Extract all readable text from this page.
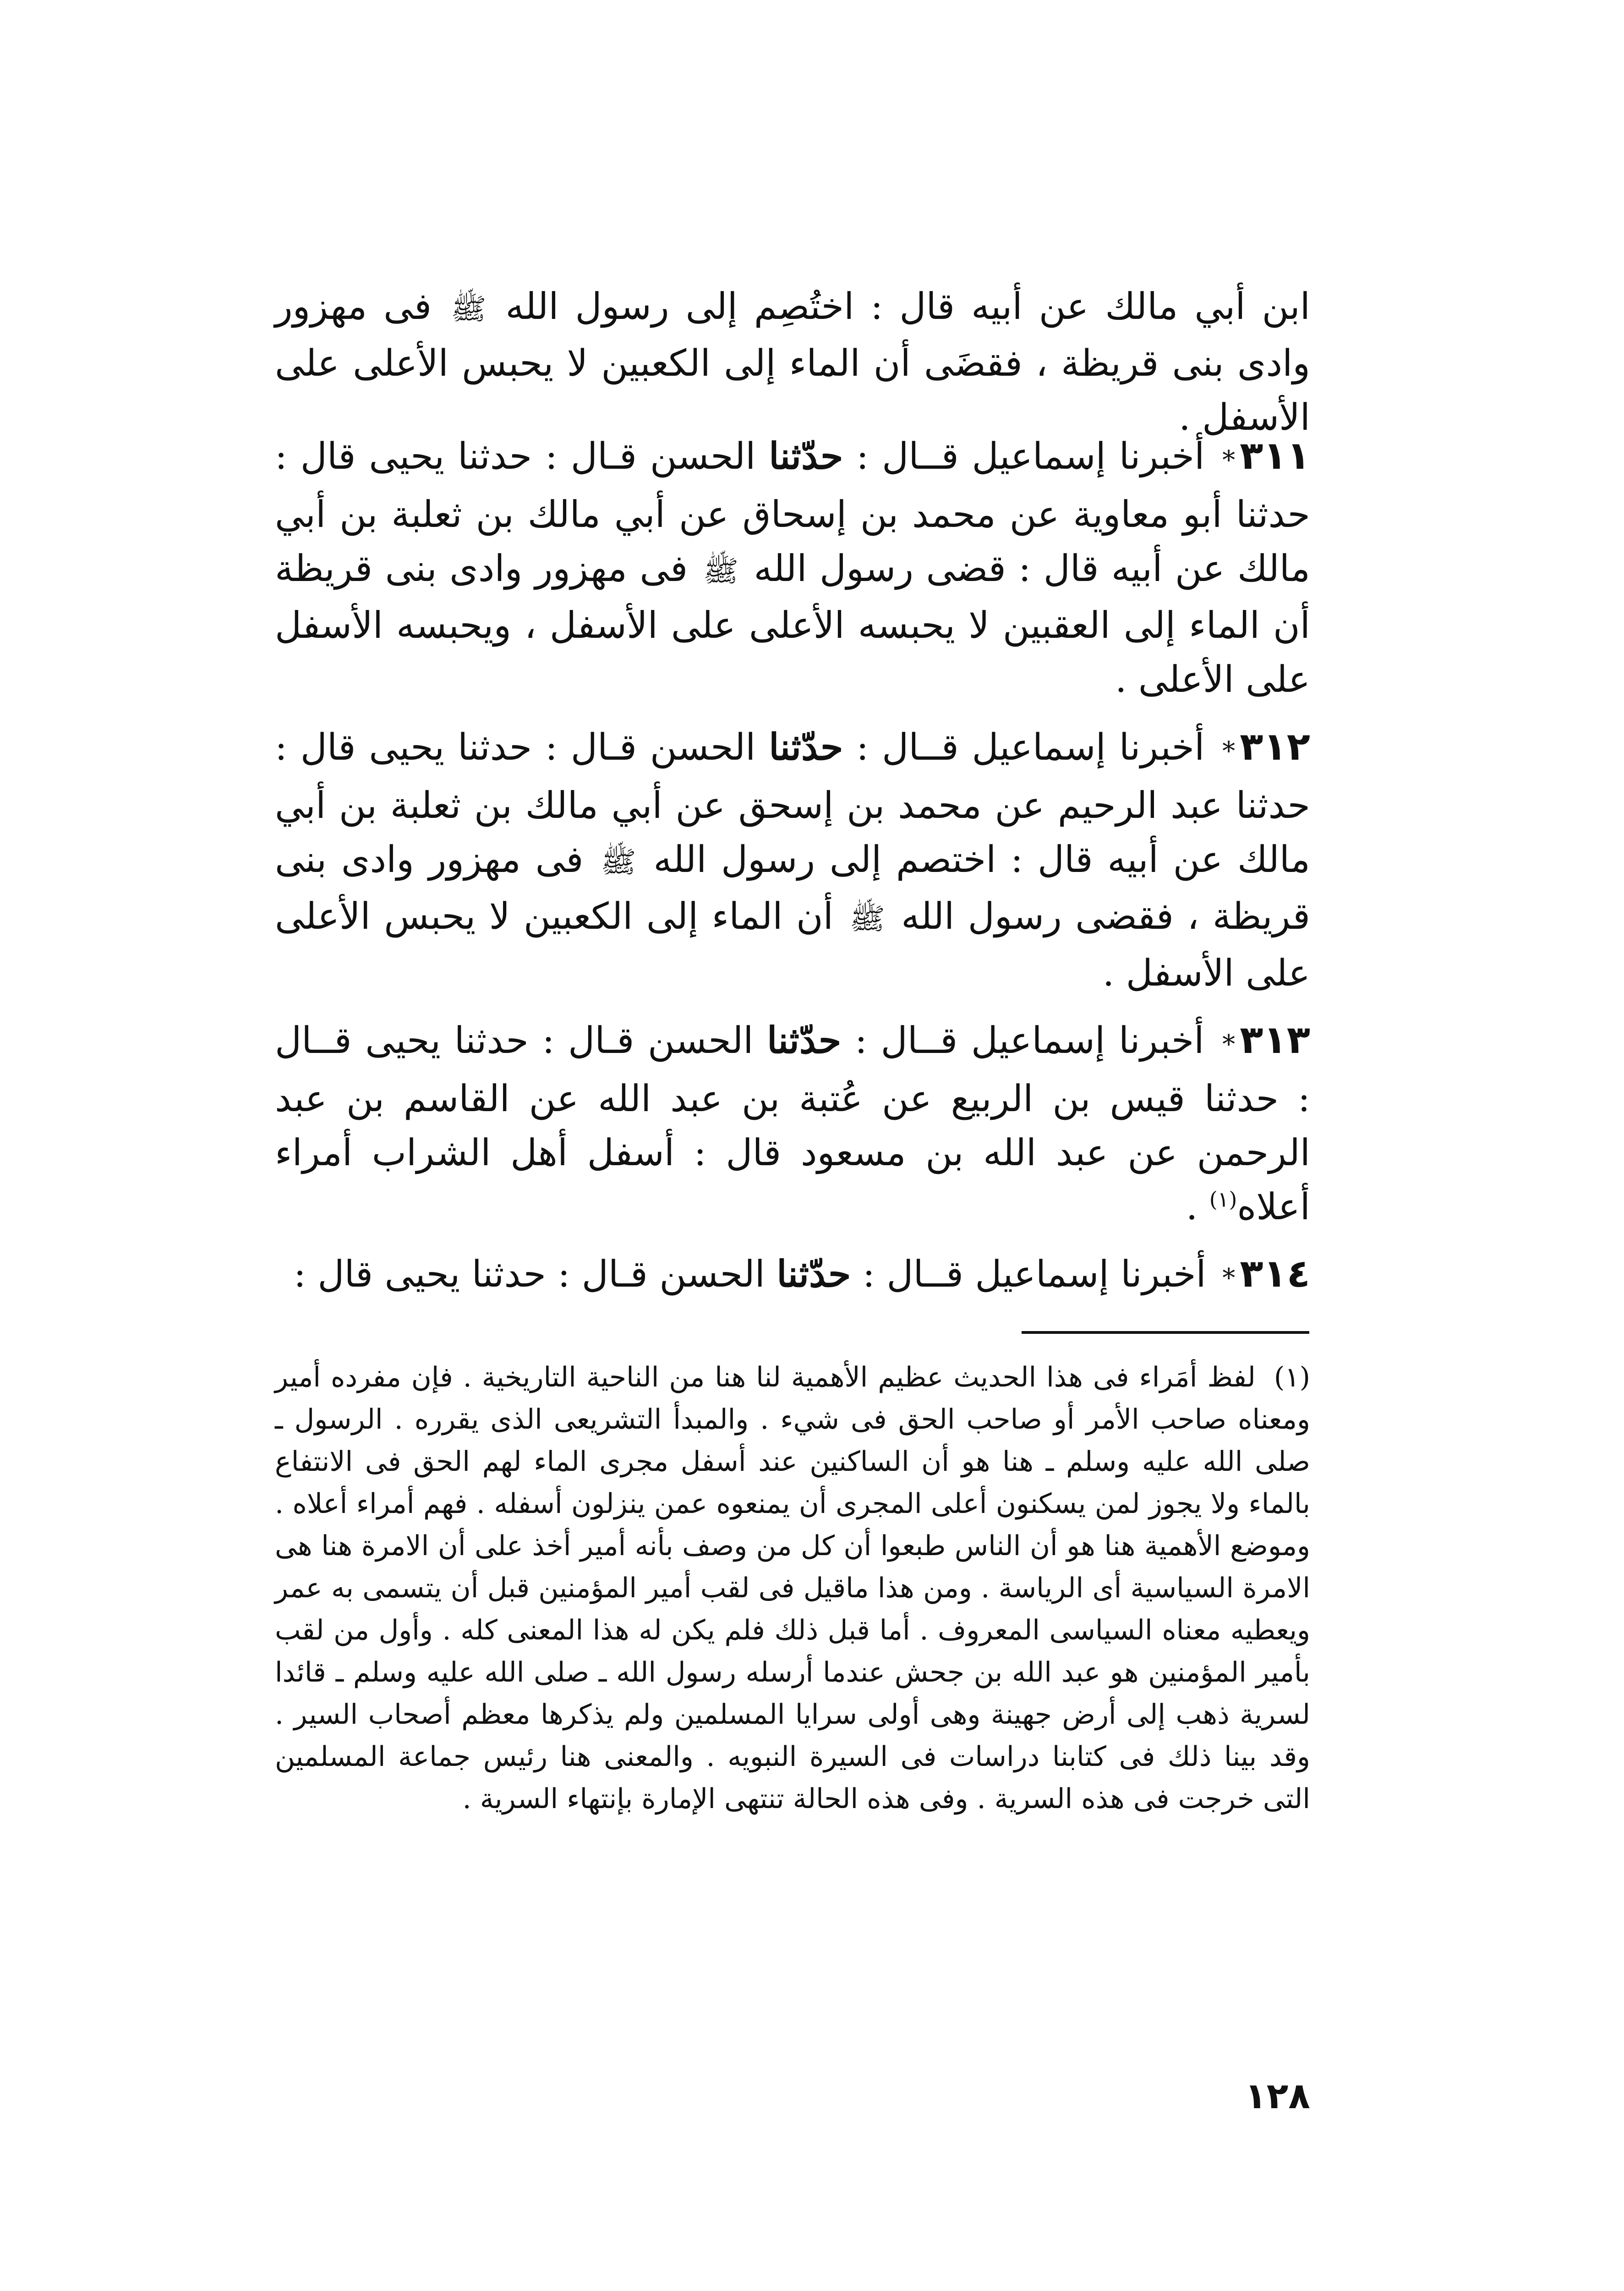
ابن أبي مالك عن أبيه قال : اختُصِم إلى رسول الله ﷺ فى مهزور وادى بنى قريظة ، فقضَى أن الماء إلى الكعبين لا يحبس الأعلى على الأسفل .

٣١١* أخبرنا إسماعيل قــال : حدّثنا الحسن قـال : حدثنا يحيى قال : حدثنا أبو معاوية عن محمد بن إسحاق عن أبي مالك بن ثعلبة بن أبي مالك عن أبيه قال : قضى رسول الله ﷺ فى مهزور وادى بنى قريظة أن الماء إلى العقبين لا يحبسه الأعلى على الأسفل ، ويحبسه الأسفل على الأعلى .

٣١٢* أخبرنا إسماعيل قــال : حدّثنا الحسن قـال : حدثنا يحيى قال : حدثنا عبد الرحيم عن محمد بن إسحق عن أبي مالك بن ثعلبة بن أبي مالك عن أبيه قال : اختصم إلى رسول الله ﷺ فى مهزور وادى بنى قريظة ، فقضى رسول الله ﷺ أن الماء إلى الكعبين لا يحبس الأعلى على الأسفل .

٣١٣* أخبرنا إسماعيل قــال : حدّثنا الحسن قـال : حدثنا يحيى قــال : حدثنا قيس بن الربيع عن عُتبة بن عبد الله عن القاسم بن عبد الرحمن عن عبد الله بن مسعود قال : أسفل أهل الشراب أمراء أعلاه$^{(١)}$ .

٣١٤* أخبرنا إسماعيل قــال : حدّثنا الحسن قـال : حدثنا يحيى قال :

(١) لفظ أمَراء فى هذا الحديث عظيم الأهمية لنا هنا من الناحية التاريخية . فإن مفرده أمير ومعناه صاحب الأمر أو صاحب الحق فى شيء . والمبدأ التشريعى الذى يقرره . الرسول ـ صلى الله عليه وسلم ـ هنا هو أن الساكنين عند أسفل مجرى الماء لهم الحق فى الانتفاع بالماء ولا يجوز لمن يسكنون أعلى المجرى أن يمنعوه عمن ينزلون أسفله . فهم أمراء أعلاه . وموضع الأهمية هنا هو أن الناس طبعوا أن كل من وصف بأنه أمير أخذ على أن الامرة هنا هى الامرة السياسية أى الرياسة . ومن هذا ماقيل فى لقب أمير المؤمنين قبل أن يتسمى به عمر ويعطيه معناه السياسى المعروف . أما قبل ذلك فلم يكن له هذا المعنى كله . وأول من لقب بأمير المؤمنين هو عبد الله بن جحش عندما أرسله رسول الله ـ صلى الله عليه وسلم ـ قائدا لسرية ذهب إلى أرض جهينة وهى أولى سرايا المسلمين ولم يذكرها معظم أصحاب السير . وقد بينا ذلك فى كتابنا دراسات فى السيرة النبويه . والمعنى هنا رئيس جماعة المسلمين التى خرجت فى هذه السرية . وفى هذه الحالة تنتهى الإمارة بإنتهاء السرية .

١٢٨
